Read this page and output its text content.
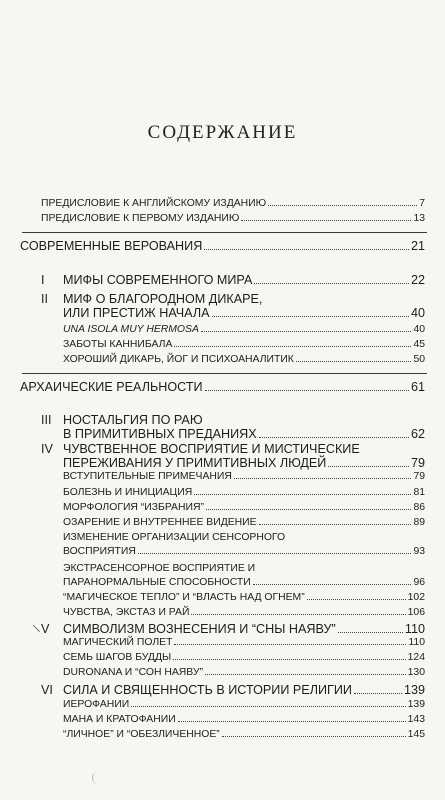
СОДЕРЖАНИЕ
ПРЕДИСЛОВИЕ К АНГЛИЙСКОМУ ИЗДАНИЮ	7
ПРЕДИСЛОВИЕ К ПЕРВОМУ ИЗДАНИЮ	13
СОВРЕМЕННЫЕ ВЕРОВАНИЯ	21
I МИФЫ СОВРЕМЕННОГО МИРА	22
II МИФ О БЛАГОРОДНОМ ДИКАРЕ,
ИЛИ ПРЕСТИЖ НАЧАЛА	40
UNA ISOLA MUY HERMOSA	40
ЗАБОТЫ КАННИБАЛА	45
ХОРОШИЙ ДИКАРЬ, ЙОГ И ПСИХОАНАЛИТИК	50
АРХАИЧЕСКИЕ РЕАЛЬНОСТИ	61
III НОСТАЛЬГИЯ ПО РАЮ
В ПРИМИТИВНЫХ ПРЕДАНИЯХ	62
IV ЧУВСТВЕННОЕ ВОСПРИЯТИЕ И МИСТИЧЕСКИЕ
ПЕРЕЖИВАНИЯ У ПРИМИТИВНЫХ ЛЮДЕЙ	79
ВСТУПИТЕЛЬНЫЕ ПРИМЕЧАНИЯ	79
БОЛЕЗНЬ И ИНИЦИАЦИЯ	81
МОРФОЛОГИЯ “ИЗБРАНИЯ”	86
ОЗАРЕНИЕ И ВНУТРЕННЕЕ ВИДЕНИЕ	89
ИЗМЕНЕНИЕ ОРГАНИЗАЦИИ СЕНСОРНОГО
ВОСПРИЯТИЯ	93
ЭКСТРАСЕНСОРНОЕ ВОСПРИЯТИЕ И
ПАРАНОРМАЛЬНЫЕ СПОСОБНОСТИ	96
“МАГИЧЕСКОЕ ТЕПЛО” И “ВЛАСТЬ НАД ОГНЕМ”	102
ЧУВСТВА, ЭКСТАЗ И РАЙ	106
V СИМВОЛИЗМ ВОЗНЕСЕНИЯ И “СНЫ НАЯВУ”	110
МАГИЧЕСКИЙ ПОЛЕТ	110
СЕМЬ ШАГОВ БУДДЫ	124
DURONANA И “СОН НАЯВУ”	130
VI СИЛА И СВЯЩЕННОСТЬ В ИСТОРИИ РЕЛИГИИ	139
ИЕРОФАНИИ	139
МАНА И КРАТОФАНИИ	143
“ЛИЧНОЕ” И “ОБЕЗЛИЧЕННОЕ”	145
